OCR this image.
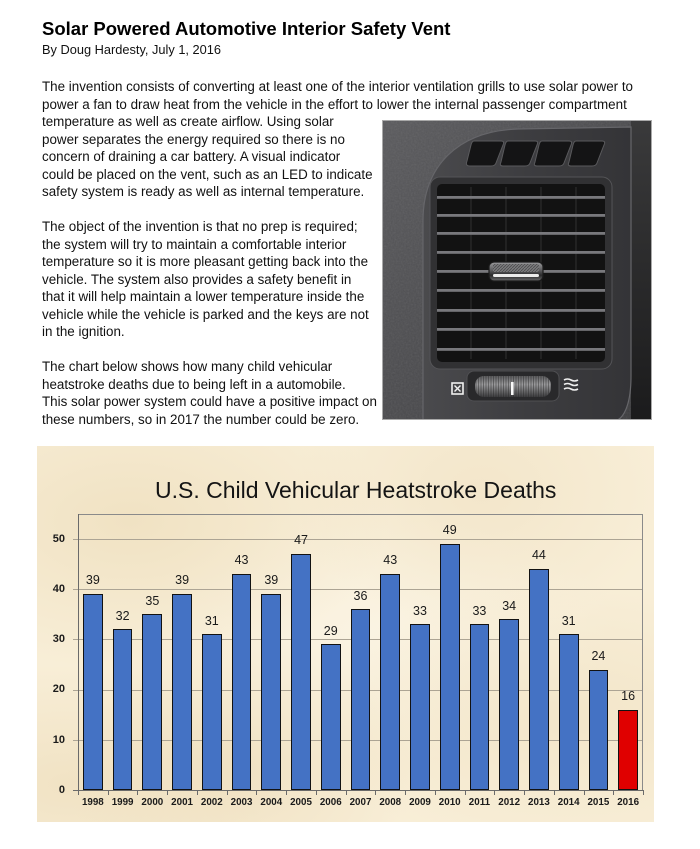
Solar Powered Automotive Interior Safety Vent
By Doug Hardesty, July 1, 2016
The invention consists of converting at least one of the interior ventilation grills to use solar power to
power a fan to draw heat from the vehicle in the effort to lower the internal passenger compartment
temperature as well as create airflow. Using solar
power separates the energy required so there is no
concern of draining a car battery. A visual indicator
could be placed on the vent, such as an LED to indicate
safety system is ready as well as internal temperature.
The object of the invention is that no prep is required;
the system will try to maintain a comfortable interior
temperature so it is more pleasant getting back into the
vehicle. The system also provides a safety benefit in
that it will help maintain a lower temperature inside the
vehicle while the vehicle is parked and the keys are not
in the ignition.
The chart below shows how many child vehicular
heatstroke deaths due to being left in a automobile.
This solar power system could have a positive impact on
these numbers, so in 2017 the number could be zero.
U.S. Child Vehicular Heatstroke Deaths
0
10
20
30
40
50
39
32
35
39
31
43
39
47
29
36
43
33
49
33	34
44
31
24
16
1998 1999 2000 2001 2002 2003 2004 2005 2006 2007 2008 2009 2010 2011 2012 2013 2014 2015 2016
